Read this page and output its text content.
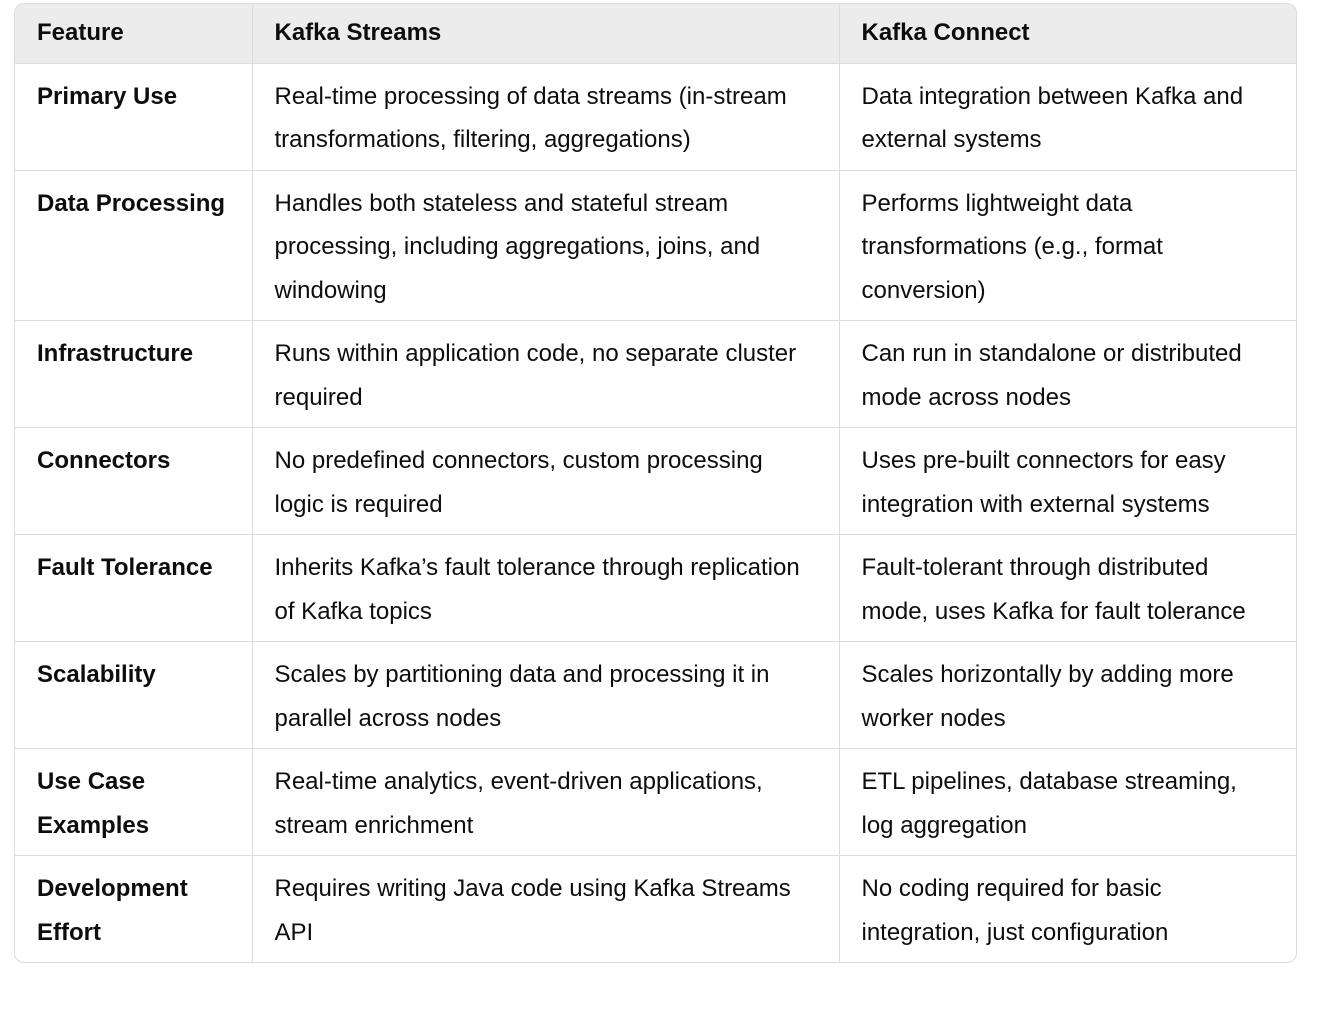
Feature	Kafka Streams	Kafka Connect
Primary Use	Real-time processing of data streams (in-stream transformations, filtering, aggregations)	Data integration between Kafka and external systems
Data Processing	Handles both stateless and stateful stream processing, including aggregations, joins, and windowing	Performs lightweight data transformations (e.g., format conversion)
Infrastructure	Runs within application code, no separate cluster required	Can run in standalone or distributed mode across nodes
Connectors	No predefined connectors, custom processing logic is required	Uses pre-built connectors for easy integration with external systems
Fault Tolerance	Inherits Kafka’s fault tolerance through replication of Kafka topics	Fault-tolerant through distributed mode, uses Kafka for fault tolerance
Scalability	Scales by partitioning data and processing it in parallel across nodes	Scales horizontally by adding more worker nodes
Use Case Examples	Real-time analytics, event-driven applications, stream enrichment	ETL pipelines, database streaming, log aggregation
Development Effort	Requires writing Java code using Kafka Streams API	No coding required for basic integration, just configuration
